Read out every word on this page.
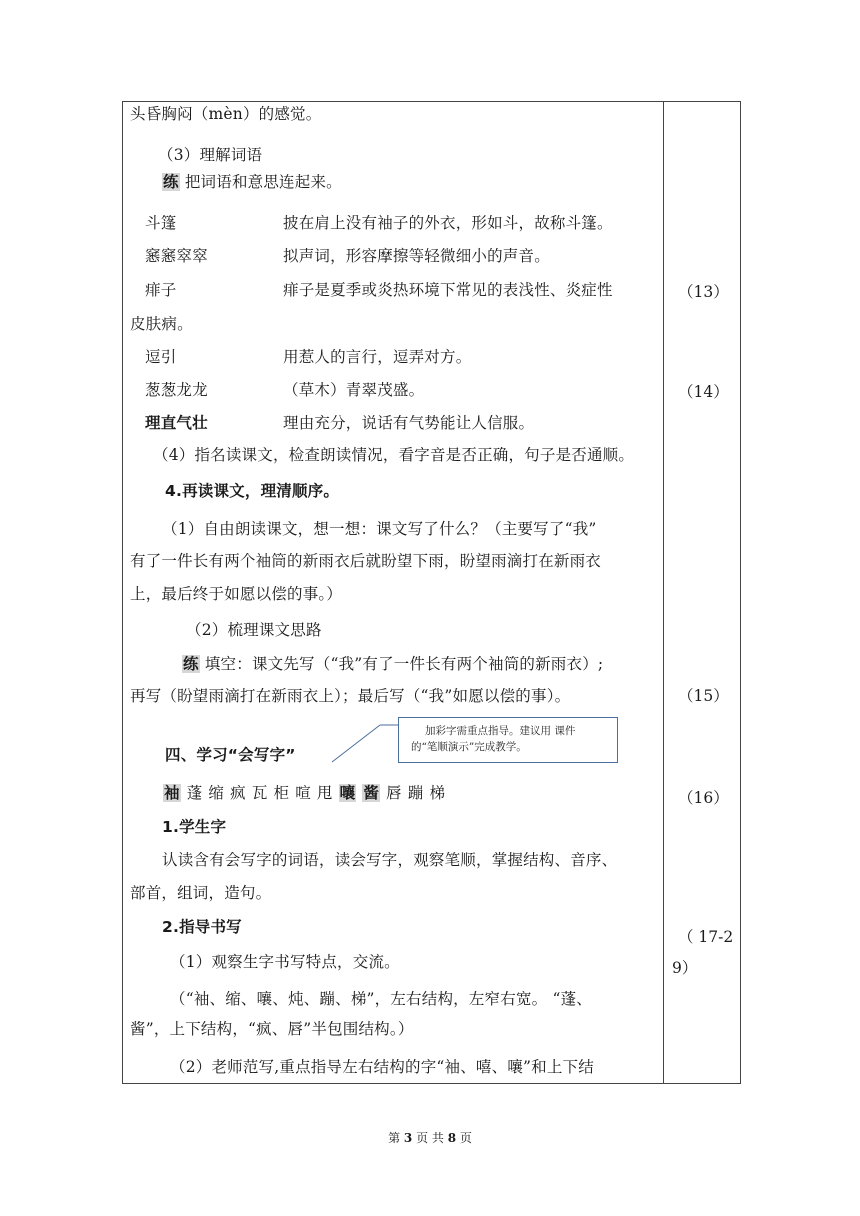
头昏胸闷（mèn）的感觉。
（3）理解词语
练 把词语和意思连起来。
斗篷	披在肩上没有袖子的外衣，形如斗，故称斗篷。
窸窸窣窣	拟声词，形容摩擦等轻微细小的声音。
痱子	痱子是夏季或炎热环境下常见的表浅性、炎症性
皮肤病。
逗引	用惹人的言行，逗弄对方。
葱葱龙龙	（草木）青翠茂盛。
理直气壮	理由充分，说话有气势能让人信服。
（4）指名读课文，检查朗读情况，看字音是否正确，句子是否通顺。
4.再读课文，理清顺序。
（1）自由朗读课文，想一想：课文写了什么？（主要写了“我”
有了一件长有两个袖筒的新雨衣后就盼望下雨，盼望雨滴打在新雨衣
上，最后终于如愿以偿的事。）
（2）梳理课文思路
练 填空：课文先写（“我”有了一件长有两个袖筒的新雨衣）;
再写（盼望雨滴打在新雨衣上）；最后写（“我”如愿以偿的事）。
加彩字需重点指导。建议用 课件
的“笔顺演示”完成教学。
四、学习“会写字”
袖 蓬 缩 疯 瓦 柜 喧 甩 嚷 酱 唇 蹦 梯
1.学生字
认读含有会写字的词语，读会写字，观察笔顺，掌握结构、音序、
部首，组词，造句。
2.指导书写
（1）观察生字书写特点，交流。
（“袖、缩、嚷、炖、蹦、梯”，左右结构，左窄右宽。 “蓬、
酱”，上下结构，“疯、唇”半包围结构。）
（2）老师范写,重点指导左右结构的字“袖、嘻、嚷”和上下结
（13）
（14）
（15）
（16）
（ 17-2
9）
第 3 页 共 8 页
